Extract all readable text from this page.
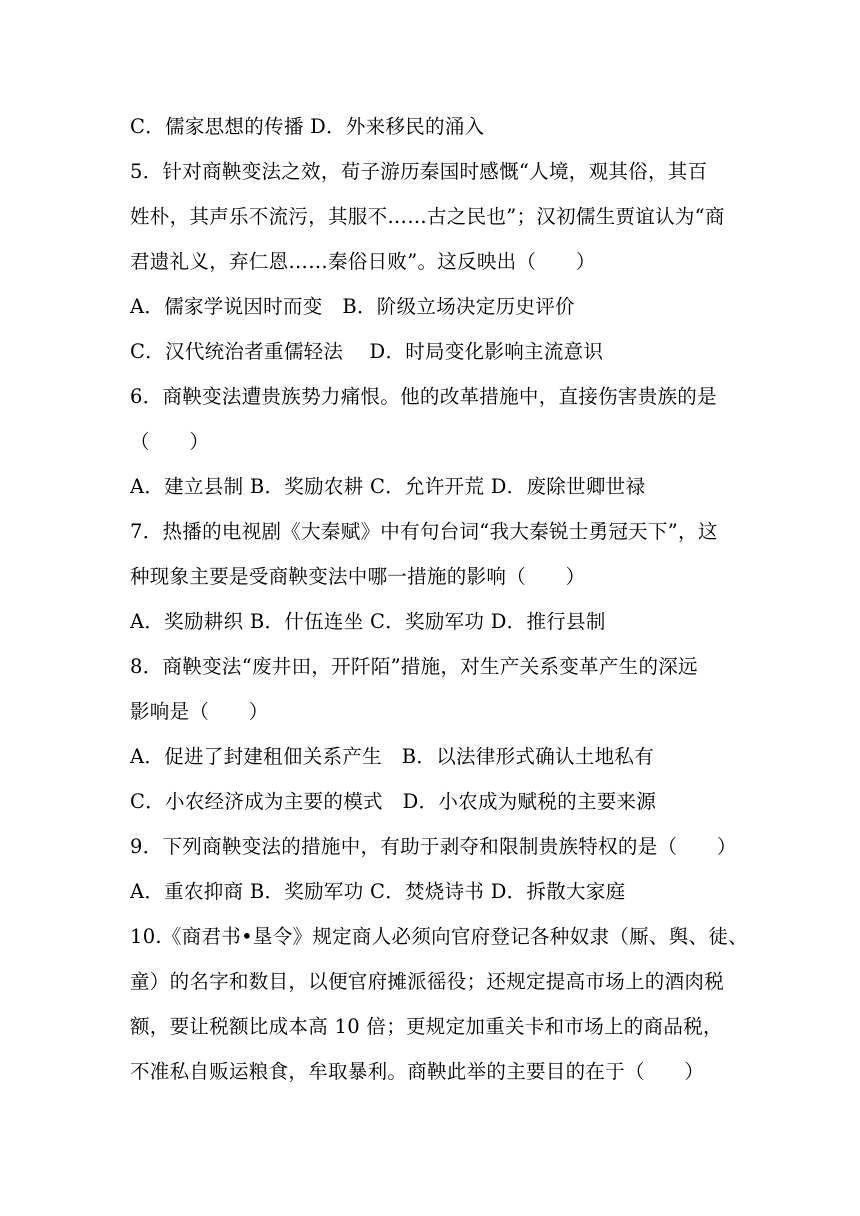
C．儒家思想的传播 D．外来移民的涌入
5．针对商鞅变法之效，荀子游历秦国时感慨“人境，观其俗，其百
姓朴，其声乐不流污，其服不……古之民也”；汉初儒生贾谊认为“商
君遗礼义，弃仁恩……秦俗日败”。这反映出（　　）
A．儒家学说因时而变　B．阶级立场决定历史评价
C．汉代统治者重儒轻法　 D．时局变化影响主流意识
6．商鞅变法遭贵族势力痛恨。他的改革措施中，直接伤害贵族的是
（　　）
A．建立县制 B．奖励农耕 C．允许开荒 D．废除世卿世禄
7．热播的电视剧《大秦赋》中有句台词“我大秦锐士勇冠天下”，这
种现象主要是受商鞅变法中哪一措施的影响（　　）
A．奖励耕织 B．什伍连坐 C．奖励军功 D．推行县制
8．商鞅变法“废井田，开阡陌”措施，对生产关系变革产生的深远
影响是（　　）
A．促进了封建租佃关系产生　B．以法律形式确认土地私有
C．小农经济成为主要的模式　D．小农成为赋税的主要来源
9．下列商鞅变法的措施中，有助于剥夺和限制贵族特权的是（　　）
A．重农抑商 B．奖励军功 C．焚烧诗书 D．拆散大家庭
10.《商君书•垦令》规定商人必须向官府登记各种奴隶（厮、舆、徒、
童）的名字和数目，以便官府摊派徭役；还规定提高市场上的酒肉税
额，要让税额比成本高 10 倍；更规定加重关卡和市场上的商品税，
不准私自贩运粮食，牟取暴利。商鞅此举的主要目的在于（　　）
